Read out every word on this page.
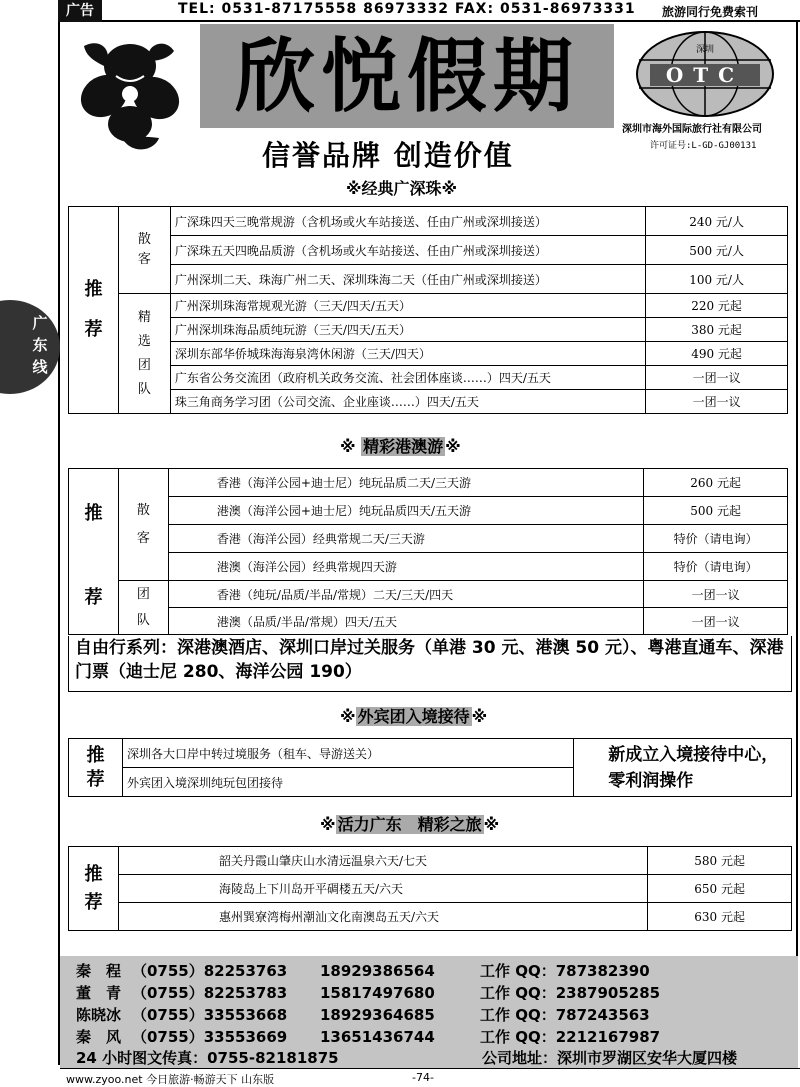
广告	TEL: 0531-87175558 86973332 FAX: 0531-86973331 旅游同行免费索刊
广东线
欣悦假期
信誉品牌 创造价值
OTC
深圳
深圳市海外国际旅行社有限公司
许可证号:L-GD-GJ00131
※经典广深珠※
推荐	散客	广深珠四天三晚常规游（含机场或火车站接送、任由广州或深圳接送）	240 元/人
		广深珠五天四晚品质游（含机场或火车站接送、任由广州或深圳接送）	500 元/人
		广州深圳二天、珠海广州二天、深圳珠海二天（任由广州或深圳接送）	100 元/人

	精选团队	广州深圳珠海常规观光游（三天/四天/五天）	220 元起
		广州深圳珠海品质纯玩游（三天/四天/五天）	380 元起
		深圳东部华侨城珠海海泉湾休闲游（三天/四天）	490 元起
		广东省公务交流团（政府机关政务交流、社会团体座谈……）四天/五天	一团一议
		珠三角商务学习团（公司交流、企业座谈……）四天/五天	一团一议
※ 精彩港澳游 ※
推
荐	散客	香港（海洋公园+迪士尼）纯玩品质二天/三天游	260 元起
		港澳（海洋公园+迪士尼）纯玩品质四天/五天游	500 元起
		香港（海洋公园）经典常规二天/三天游	特价（请电询）
		港澳（海洋公园）经典常规四天游	特价（请电询）

	团队	香港（纯玩/品质/半品/常规）二天/三天/四天	一团一议
		港澳（品质/半品/常规）四天/五天	一团一议
自由行系列：深港澳酒店、深圳口岸过关服务（单港 30 元、港澳 50 元）、粤港直通车、深港门票（迪士尼 280、海洋公园 190）
※ 外宾团入境接待 ※
推荐
	深圳各大口岸中转过境服务（租车、导游送关）	新成立入境接待中心，零利润操作
外宾团入境深圳纯玩包团接待
※ 活力广东　精彩之旅 ※
推荐	韶关丹霞山肇庆山水清远温泉六天/七天	580 元起
	海陵岛上下川岛开平碉楼五天/六天	650 元起
	惠州巽寮湾梅州潮汕文化南澳岛五天/六天	630 元起
秦　程 （0755）82253763 18929386564	工作 QQ：787382390
董　青 （0755）82253783 15817497680	工作 QQ：2387905285
陈晓冰 （0755）33553668 18929364685	工作 QQ：787243563
秦　风 （0755）33553669 13651436744	工作 QQ：2212167987
24 小时图文传真：0755-82181875	公司地址：深圳市罗湖区安华大厦四楼
www.zyoo.net 今日旅游·畅游天下 山东版	-74-
